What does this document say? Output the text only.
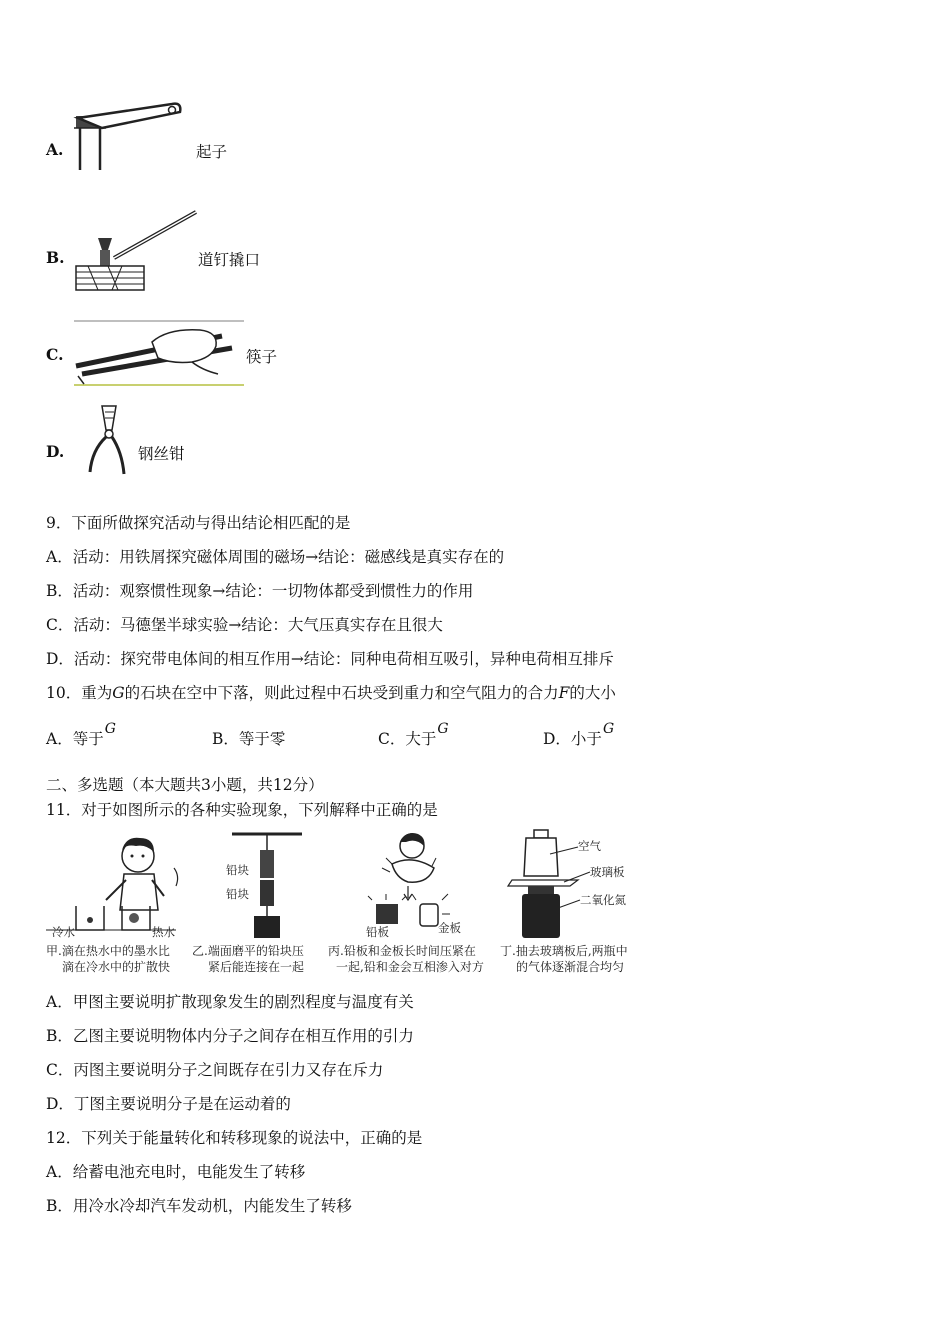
A.	起子
B.	道钉撬口
C.	筷子
D.	钢丝钳
9．下面所做探究活动与得出结论相匹配的是
A．活动：用铁屑探究磁体周围的磁场→结论：磁感线是真实存在的
B．活动：观察惯性现象→结论：一切物体都受到惯性力的作用
C．活动：马德堡半球实验→结论：大气压真实存在且很大
D．活动：探究带电体间的相互作用→结论：同种电荷相互吸引，异种电荷相互排斥
10．重为G的石块在空中下落，则此过程中石块受到重力和空气阻力的合力F的大小
A．等于G
B．等于零	C．大于G
D．小于G
二、多选题（本大题共3小题，共12分）
11．对于如图所示的各种实验现象，下列解释中正确的是
冷水	热水
甲.滴在热水中的墨水比
滴在冷水中的扩散快
铅块
铅块
乙.端面磨平的铅块压
紧后能连接在一起
铅板	金板
丙.铅板和金板长时间压紧在
一起,铅和金会互相渗入对方
空气
玻璃板
二氧化氮
丁.抽去玻璃板后,两瓶中
的气体逐渐混合均匀
A．甲图主要说明扩散现象发生的剧烈程度与温度有关
B．乙图主要说明物体内分子之间存在相互作用的引力
C．丙图主要说明分子之间既存在引力又存在斥力
D．丁图主要说明分子是在运动着的
12．下列关于能量转化和转移现象的说法中，正确的是
A．给蓄电池充电时，电能发生了转移
B．用冷水冷却汽车发动机，内能发生了转移
